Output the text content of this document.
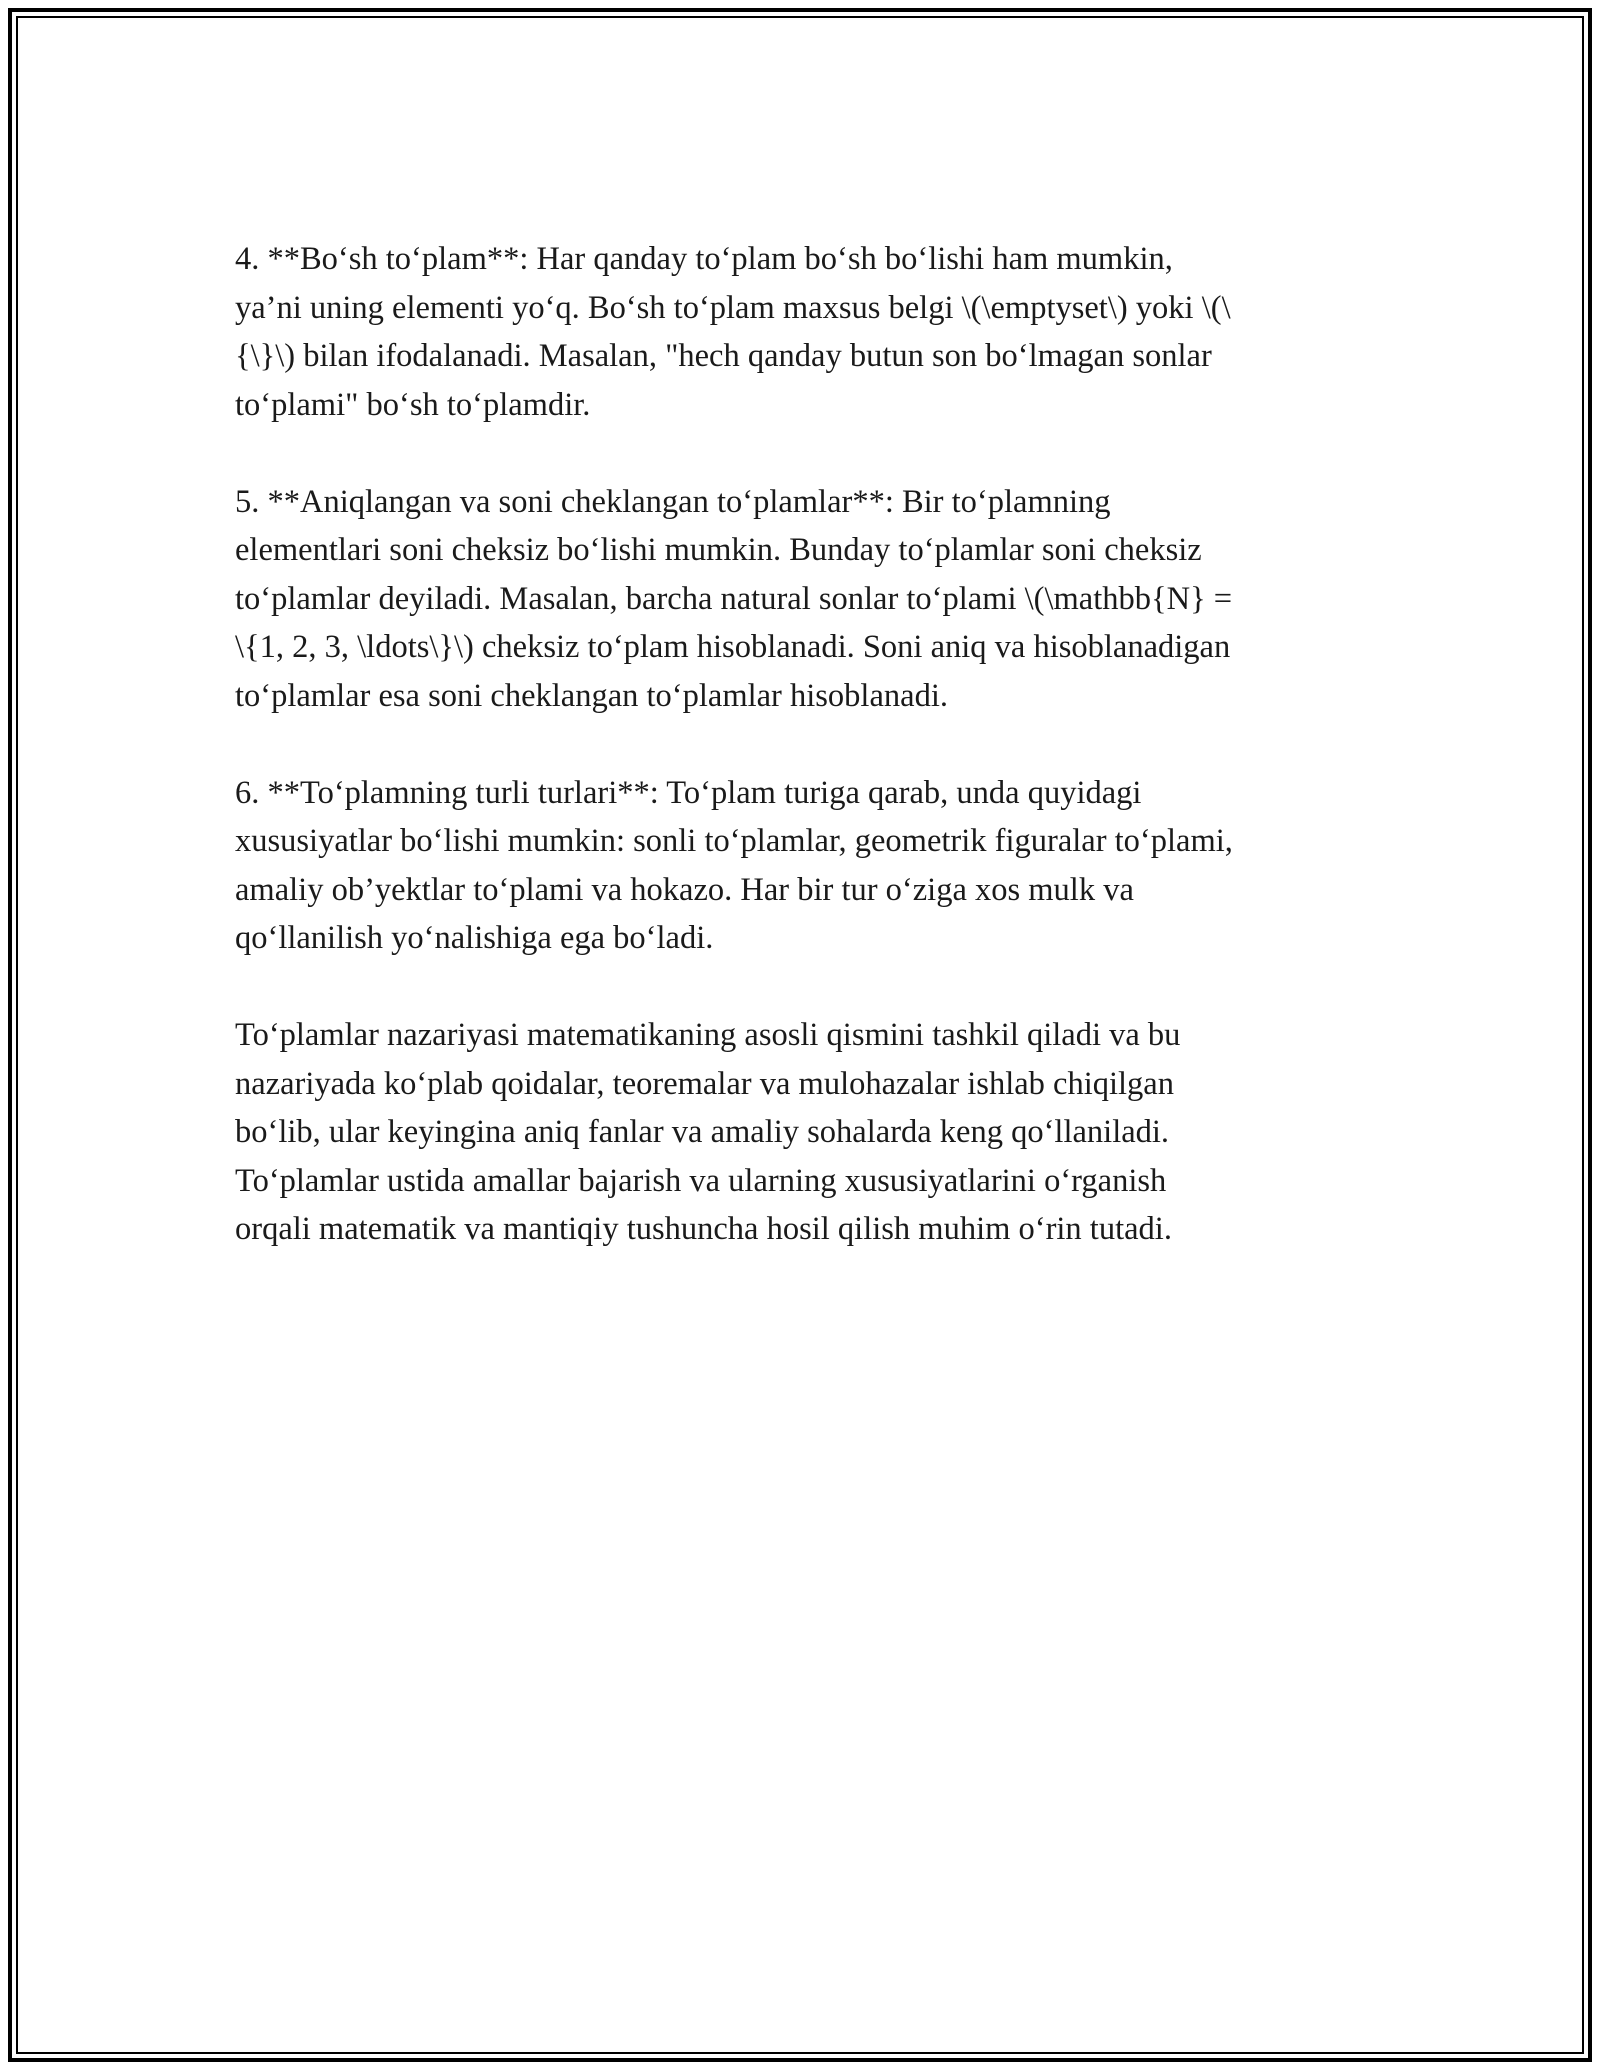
4. **Bo‘sh to‘plam**: Har qanday to‘plam bo‘sh bo‘lishi ham mumkin,
ya’ni uning elementi yo‘q. Bo‘sh to‘plam maxsus belgi \(\emptyset\) yoki \(\
{\}\) bilan ifodalanadi. Masalan, "hech qanday butun son bo‘lmagan sonlar
to‘plami" bo‘sh to‘plamdir.

5. **Aniqlangan va soni cheklangan to‘plamlar**: Bir to‘plamning
elementlari soni cheksiz bo‘lishi mumkin. Bunday to‘plamlar soni cheksiz
to‘plamlar deyiladi. Masalan, barcha natural sonlar to‘plami \(\mathbb{N} =
\{1, 2, 3, \ldots\}\) cheksiz to‘plam hisoblanadi. Soni aniq va hisoblanadigan
to‘plamlar esa soni cheklangan to‘plamlar hisoblanadi.

6. **To‘plamning turli turlari**: To‘plam turiga qarab, unda quyidagi
xususiyatlar bo‘lishi mumkin: sonli to‘plamlar, geometrik figuralar to‘plami,
amaliy ob’yektlar to‘plami va hokazo. Har bir tur o‘ziga xos mulk va
qo‘llanilish yo‘nalishiga ega bo‘ladi.

To‘plamlar nazariyasi matematikaning asosli qismini tashkil qiladi va bu
nazariyada ko‘plab qoidalar, teoremalar va mulohazalar ishlab chiqilgan
bo‘lib, ular keyingina aniq fanlar va amaliy sohalarda keng qo‘llaniladi.
To‘plamlar ustida amallar bajarish va ularning xususiyatlarini o‘rganish
orqali matematik va mantiqiy tushuncha hosil qilish muhim o‘rin tutadi.
